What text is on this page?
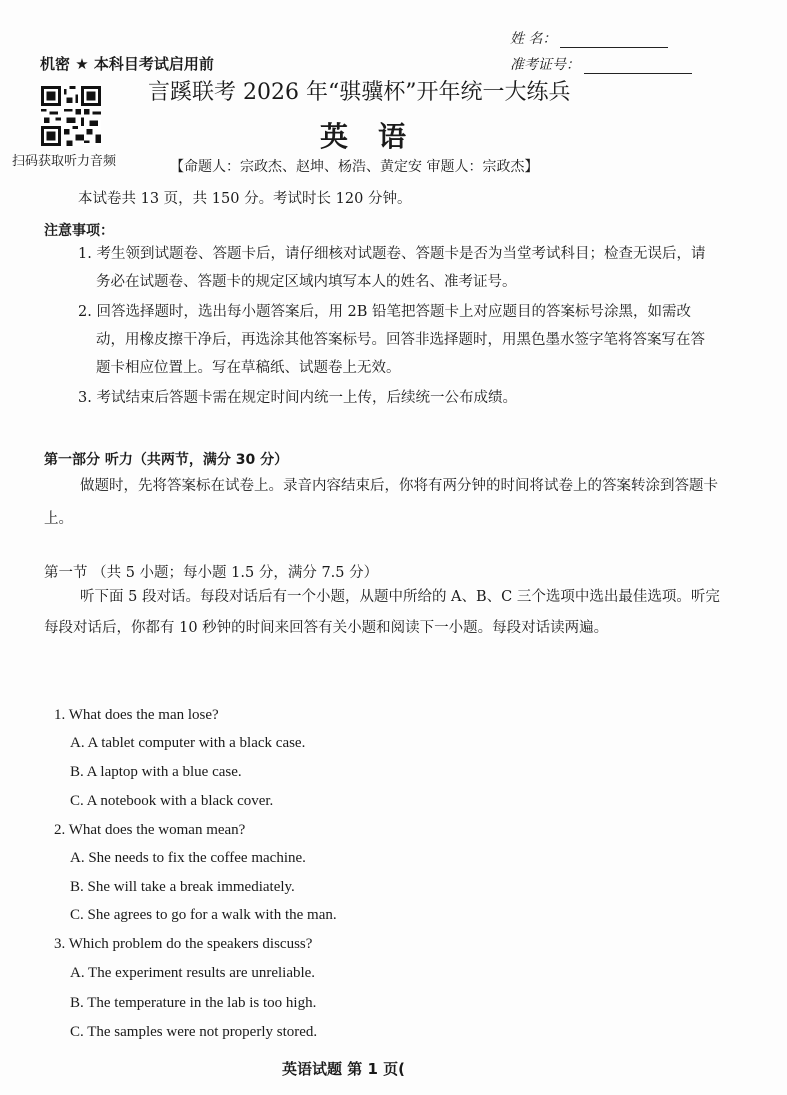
机密 ★ 本科目考试启用前
姓 名：
准考证号：
扫码获取听力音频
言蹊联考 2026 年“骐骥杯”开年统一大练兵
英语
【命题人：宗政杰、赵坤、杨浩、黄定安 审题人：宗政杰】
本试卷共 13 页，共 150 分。考试时长 120 分钟。
注意事项：
1. 考生领到试题卷、答题卡后，请仔细核对试题卷、答题卡是否为当堂考试科目；检查无误后，请务必在试题卷、答题卡的规定区域内填写本人的姓名、准考证号。
2. 回答选择题时，选出每小题答案后，用 2B 铅笔把答题卡上对应题目的答案标号涂黑，如需改动，用橡皮擦干净后，再选涂其他答案标号。回答非选择题时，用黑色墨水签字笔将答案写在答题卡相应位置上。写在草稿纸、试题卷上无效。
3. 考试结束后答题卡需在规定时间内统一上传，后续统一公布成绩。
第一部分 听力（共两节，满分 30 分）
做题时，先将答案标在试卷上。录音内容结束后，你将有两分钟的时间将试卷上的答案转涂到答题卡上。
第一节 （共 5 小题；每小题 1.5 分，满分 7.5 分）
听下面 5 段对话。每段对话后有一个小题，从题中所给的 A、B、C 三个选项中选出最佳选项。听完每段对话后，你都有 10 秒钟的时间来回答有关小题和阅读下一小题。每段对话读两遍。
1. What does the man lose?
A. A tablet computer with a black case.
B. A laptop with a blue case.
C. A notebook with a black cover.
2. What does the woman mean?
A. She needs to fix the coffee machine.
B. She will take a break immediately.
C. She agrees to go for a walk with the man.
3. Which problem do the speakers discuss?
A. The experiment results are unreliable.
B. The temperature in the lab is too high.
C. The samples were not properly stored.
英语试题 第 1 页(
